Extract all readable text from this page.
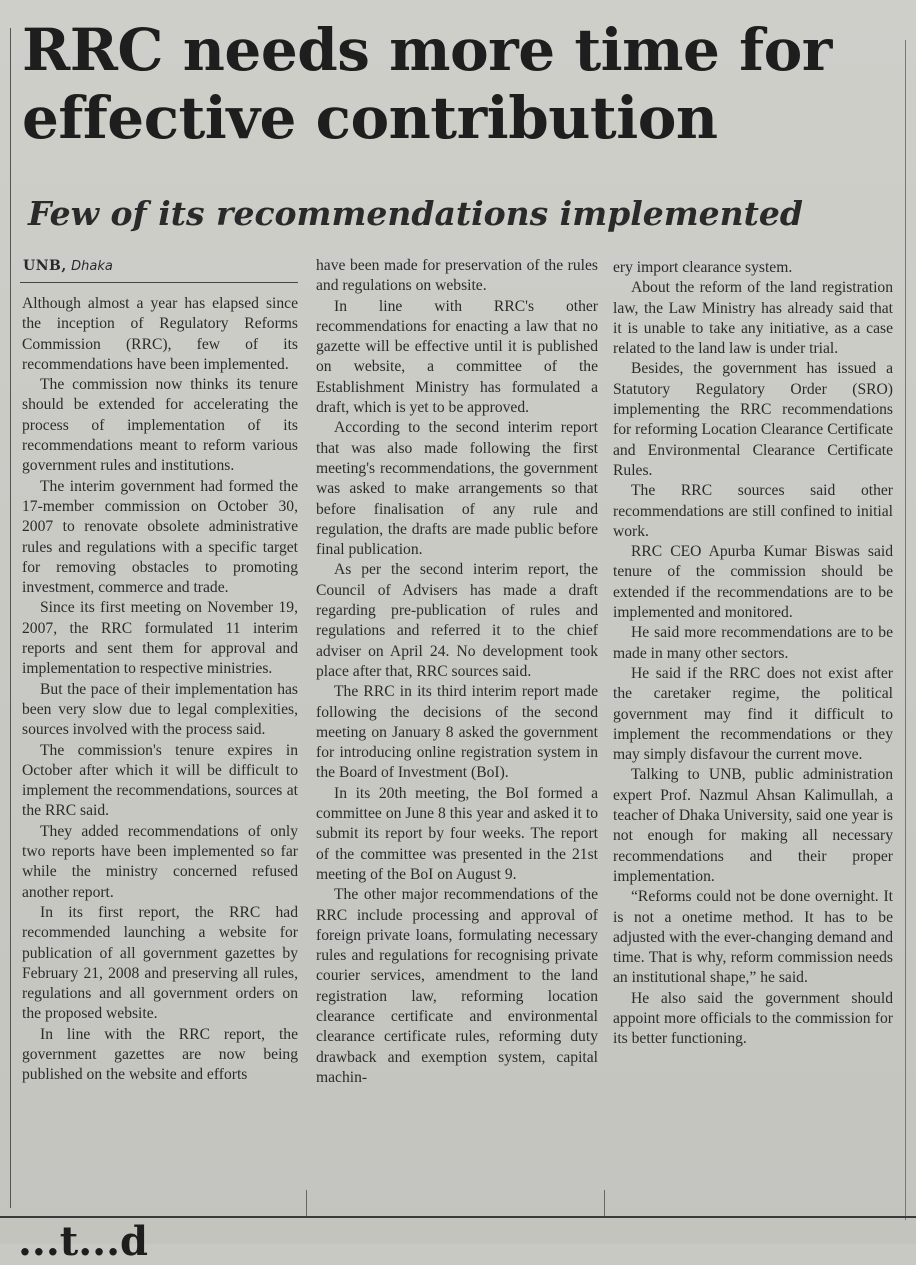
RRC needs more time for effective contribution
Few of its recommendations implemented
UNB, Dhaka

Although almost a year has elapsed since the inception of Regulatory Reforms Commission (RRC), few of its recommendations have been implemented.

The commission now thinks its tenure should be extended for accelerating the process of implementation of its recommendations meant to reform various government rules and institutions.

The interim government had formed the 17-member commission on October 30, 2007 to renovate obsolete administrative rules and regulations with a specific target for removing obstacles to promoting investment, commerce and trade.

Since its first meeting on November 19, 2007, the RRC formulated 11 interim reports and sent them for approval and implementation to respective ministries.

But the pace of their implementation has been very slow due to legal complexities, sources involved with the process said.

The commission's tenure expires in October after which it will be difficult to implement the recommendations, sources at the RRC said.

They added recommendations of only two reports have been implemented so far while the ministry concerned refused another report.

In its first report, the RRC had recommended launching a website for publication of all government gazettes by February 21, 2008 and preserving all rules, regulations and all government orders on the proposed website.

In line with the RRC report, the government gazettes are now being published on the website and efforts

have been made for preservation of the rules and regulations on website.

In line with RRC's other recommendations for enacting a law that no gazette will be effective until it is published on website, a committee of the Establishment Ministry has formulated a draft, which is yet to be approved.

According to the second interim report that was also made following the first meeting's recommendations, the government was asked to make arrangements so that before finalisation of any rule and regulation, the drafts are made public before final publication.

As per the second interim report, the Council of Advisers has made a draft regarding pre-publication of rules and regulations and referred it to the chief adviser on April 24. No development took place after that, RRC sources said.

The RRC in its third interim report made following the decisions of the second meeting on January 8 asked the government for introducing online registration system in the Board of Investment (BoI).

In its 20th meeting, the BoI formed a committee on June 8 this year and asked it to submit its report by four weeks. The report of the committee was presented in the 21st meeting of the BoI on August 9.

The other major recommendations of the RRC include processing and approval of foreign private loans, formulating necessary rules and regulations for recognising private courier services, amendment to the land registration law, reforming location clearance certificate and environmental clearance certificate rules, reforming duty drawback and exemption system, capital machin-

ery import clearance system.

About the reform of the land registration law, the Law Ministry has already said that it is unable to take any initiative, as a case related to the land law is under trial.

Besides, the government has issued a Statutory Regulatory Order (SRO) implementing the RRC recommendations for reforming Location Clearance Certificate and Environmental Clearance Certificate Rules.

The RRC sources said other recommendations are still confined to initial work.

RRC CEO Apurba Kumar Biswas said tenure of the commission should be extended if the recommendations are to be implemented and monitored.

He said more recommendations are to be made in many other sectors.

He said if the RRC does not exist after the caretaker regime, the political government may find it difficult to implement the recommendations or they may simply disfavour the current move.

Talking to UNB, public administration expert Prof. Nazmul Ahsan Kalimullah, a teacher of Dhaka University, said one year is not enough for making all necessary recommendations and their proper implementation.

“Reforms could not be done overnight. It is not a onetime method. It has to be adjusted with the ever-changing demand and time. That is why, reform commission needs an institutional shape,” he said.

He also said the government should appoint more officials to the commission for its better functioning.

...t...d
